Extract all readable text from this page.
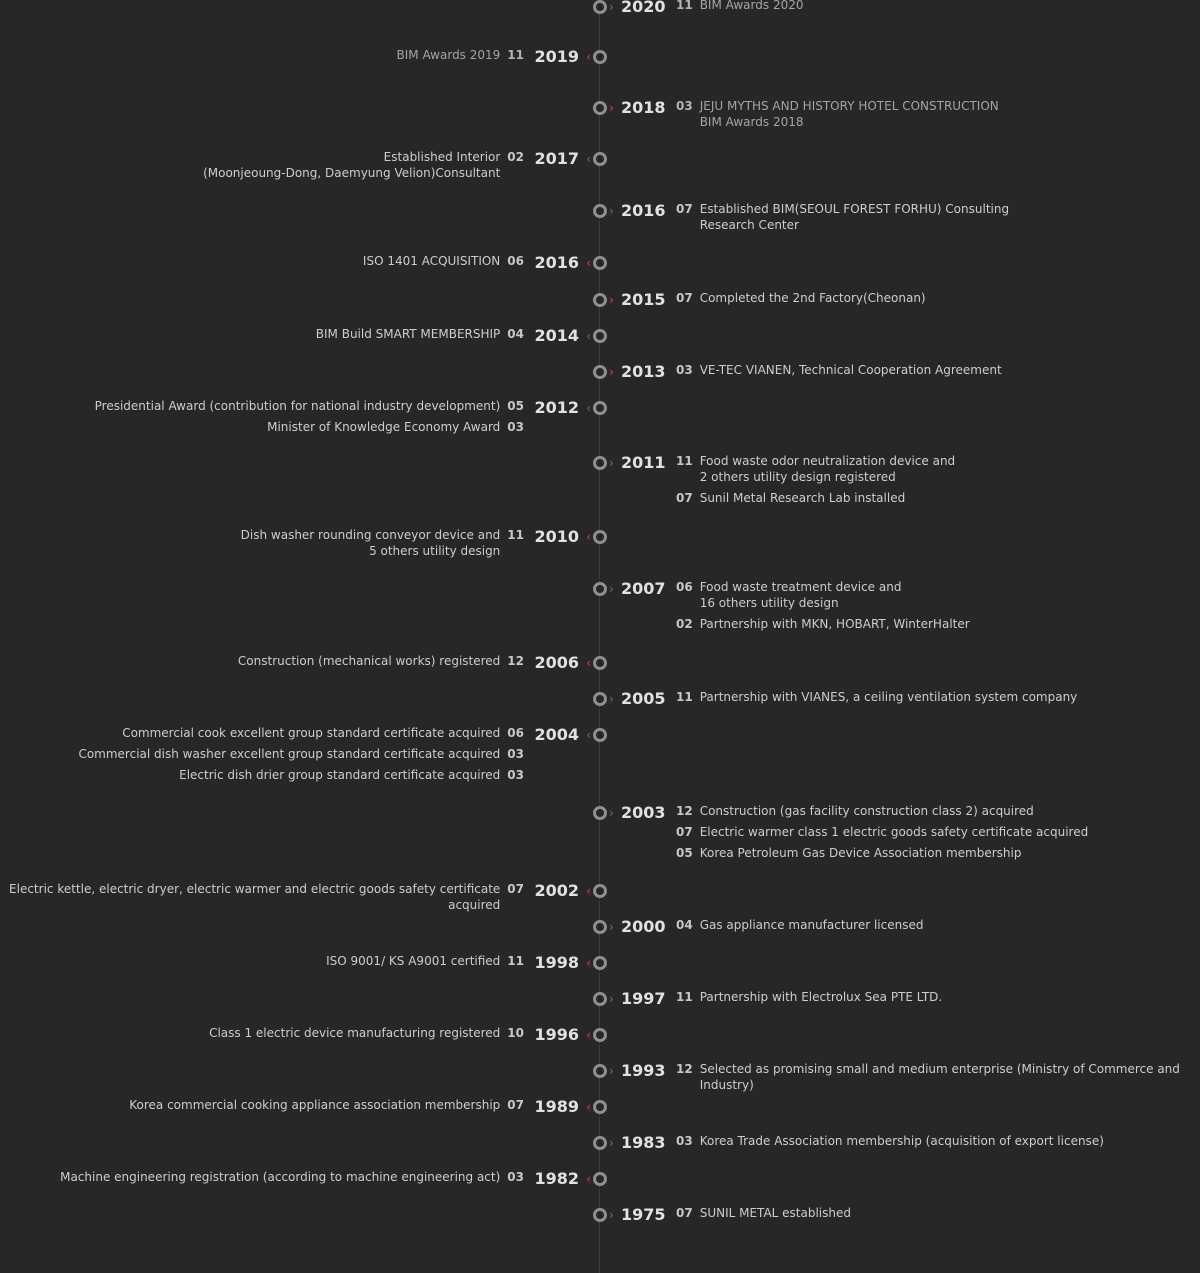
› 2020 11 BIM Awards 2020
‹
2019
BIM Awards 2019 11
› 2018 03 JEJU MYTHS AND HISTORY HOTEL CONSTRUCTION
BIM Awards 2018
‹
2017
Established Interior
(Moonjeoung-Dong, Daemyung Velion)Consultant
02
› 2016 07 Established BIM(SEOUL FOREST FORHU) Consulting
Research Center
‹
2016
ISO 1401 ACQUISITION 06
› 2015 07 Completed the 2nd Factory(Cheonan)
‹
2014
BIM Build SMART MEMBERSHIP 04
› 2013 03 VE-TEC VIANEN, Technical Cooperation Agreement
‹
2012
Presidential Award (contribution for national industry development) 05
Minister of Knowledge Economy Award 03
› 2011 11 Food waste odor neutralization device and
2 others utility design registered
07 Sunil Metal Research Lab installed
‹
2010
Dish washer rounding conveyor device and
5 others utility design
11
› 2007 06 Food waste treatment device and
16 others utility design
02 Partnership with MKN, HOBART, WinterHalter
‹
2006
Construction (mechanical works) registered 12
› 2005 11 Partnership with VIANES, a ceiling ventilation system company
‹
2004
Commercial cook excellent group standard certificate acquired 06
Commercial dish washer excellent group standard certificate acquired 03
Electric dish drier group standard certificate acquired 03
› 2003 12 Construction (gas facility construction class 2) acquired
07 Electric warmer class 1 electric goods safety certificate acquired
05 Korea Petroleum Gas Device Association membership
‹
2002
Electric kettle, electric dryer, electric warmer and electric goods safety certificate acquired
07
› 2000 04 Gas appliance manufacturer licensed
‹
1998
ISO 9001/ KS A9001 certified 11
› 1997 11 Partnership with Electrolux Sea PTE LTD.
‹
1996
Class 1 electric device manufacturing registered 10
› 1993 12 Selected as promising small and medium enterprise (Ministry of Commerce and Industry)
‹
1989
Korea commercial cooking appliance association membership 07
› 1983 03 Korea Trade Association membership (acquisition of export license)
‹
1982
Machine engineering registration (according to machine engineering act) 03
› 1975 07 SUNIL METAL established
